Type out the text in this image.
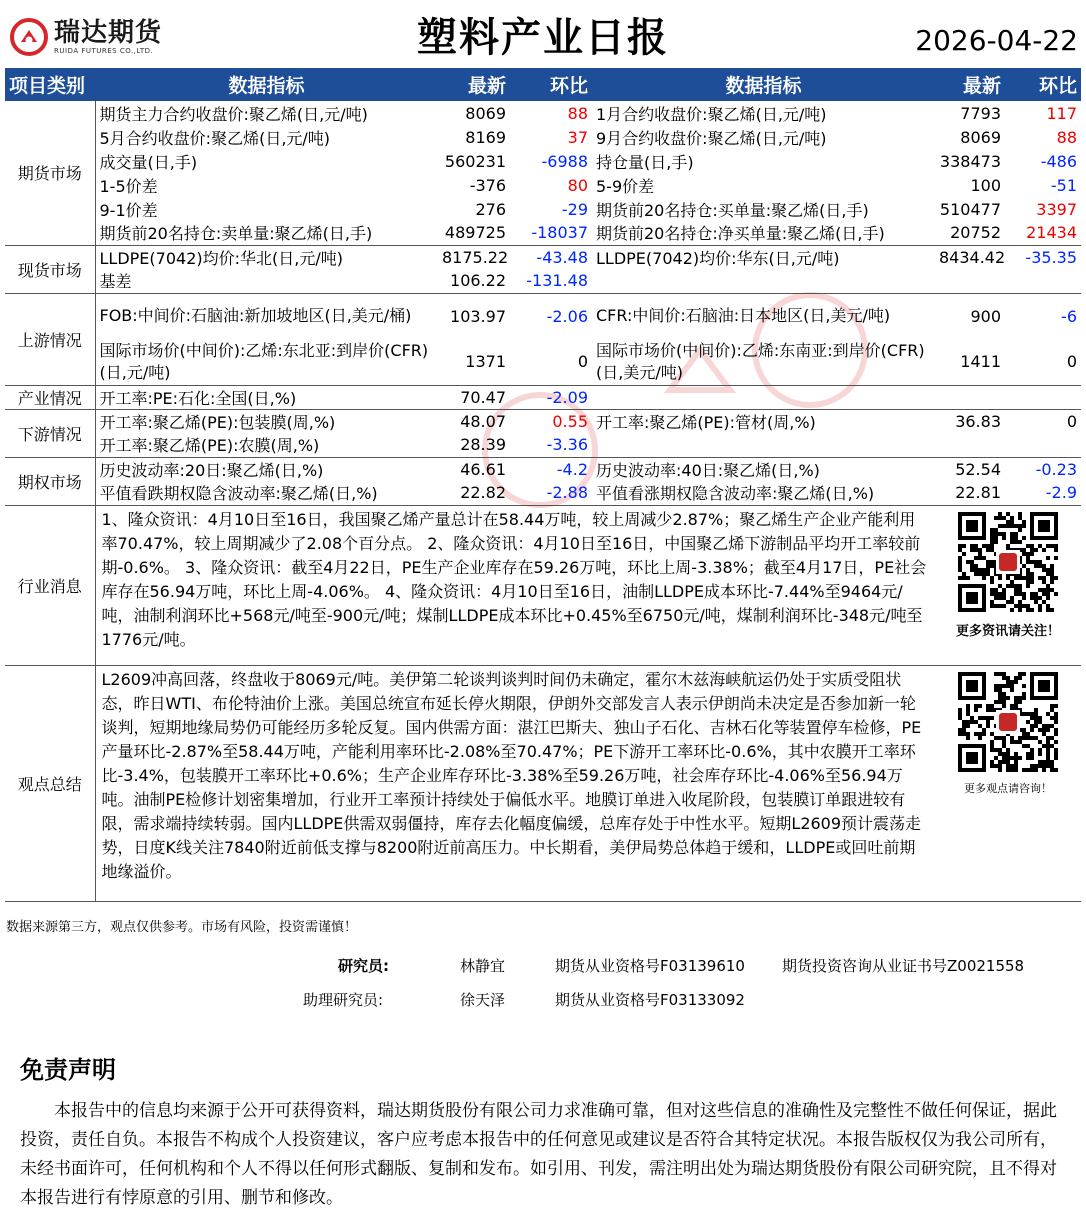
瑞达期货
RUIDA FUTURES CO.,LTD.	塑料产业日报	2026-04-22
项目类别	数据指标	最新	环比	数据指标	最新	环比
期货市场	期货主力合约收盘价:聚乙烯(日,元/吨)	8069	88	1月合约收盘价:聚乙烯(日,元/吨)	7793	117
	5月合约收盘价:聚乙烯(日,元/吨)	8169	37	9月合约收盘价:聚乙烯(日,元/吨)	8069	88
	成交量(日,手)	560231	-6988	持仓量(日,手)	338473	-486
	1-5价差	-376	80	5-9价差	100	-51
	9-1价差	276	-29	期货前20名持仓:买单量:聚乙烯(日,手)	510477	3397
	期货前20名持仓:卖单量:聚乙烯(日,手)	489725	-18037	期货前20名持仓:净买单量:聚乙烯(日,手)	20752	21434
现货市场	LLDPE(7042)均价:华北(日,元/吨)	8175.22	-43.48	LLDPE(7042)均价:华东(日,元/吨)	8434.42	-35.35
	基差	106.22	-131.48			
上游情况	FOB:中间价:石脑油:新加坡地区(日,美元/桶)	103.97	-2.06	CFR:中间价:石脑油:日本地区(日,美元/吨)	900	-6
	国际市场价(中间价):乙烯:东北亚:到岸价(CFR)(日,元/吨)	1371	0	国际市场价(中间价):乙烯:东南亚:到岸价(CFR)(日,美元/吨)	1411	0
产业情况	开工率:PE:石化:全国(日,%)	70.47	-2.09			
下游情况	开工率:聚乙烯(PE):包装膜(周,%)	48.07	0.55	开工率:聚乙烯(PE):管材(周,%)	36.83	0
	开工率:聚乙烯(PE):农膜(周,%)	28.39	-3.36			
期权市场	历史波动率:20日:聚乙烯(日,%)	46.61	-4.2	历史波动率:40日:聚乙烯(日,%)	52.54	-0.23
	平值看跌期权隐含波动率:聚乙烯(日,%)	22.82	-2.88	平值看涨期权隐含波动率:聚乙烯(日,%)	22.81	-2.9
行业消息	1、隆众资讯：4月10日至16日，我国聚乙烯产量总计在58.44万吨，较上周减少2.87%；聚乙烯生产企业产能利用率70.47%，较上周期减少了2.08个百分点。 2、隆众资讯：4月10日至16日，中国聚乙烯下游制品平均开工率较前期-0.6%。 3、隆众资讯：截至4月22日，PE生产企业库存在59.26万吨，环比上周-3.38%；截至4月17日，PE社会库存在56.94万吨，环比上周-4.06%。 4、隆众资讯：4月10日至16日，油制LLDPE成本环比-7.44%至9464元/吨，油制利润环比+568元/吨至-900元/吨；煤制LLDPE成本环比+0.45%至6750元/吨，煤制利润环比-348元/吨至1776元/吨。				更多资讯请关注！	

观点总结	L2609冲高回落，终盘收于8069元/吨。美伊第二轮谈判谈判时间仍未确定，霍尔木兹海峡航运仍处于实质受阻状态，昨日WTI、布伦特油价上涨。美国总统宣布延长停火期限，伊朗外交部发言人表示伊朗尚未决定是否参加新一轮谈判，短期地缘局势仍可能经历多轮反复。国内供需方面：湛江巴斯夫、独山子石化、吉林石化等装置停车检修，PE产量环比-2.87%至58.44万吨，产能利用率环比-2.08%至70.47%；PE下游开工率环比-0.6%，其中农膜开工率环比-3.4%，包装膜开工率环比+0.6%；生产企业库存环比-3.38%至59.26万吨，社会库存环比-4.06%至56.94万吨。油制PE检修计划密集增加，行业开工率预计持续处于偏低水平。地膜订单进入收尾阶段，包装膜订单跟进较有限，需求端持续转弱。国内LLDPE供需双弱僵持，库存去化幅度偏缓，总库存处于中性水平。短期L2609预计震荡走势，日度K线关注7840附近前低支撑与8200附近前高压力。中长期看，美伊局势总体趋于缓和，LLDPE或回吐前期地缘溢价。				更多观点请咨询！	
数据来源第三方，观点仅供参考。市场有风险，投资需谨慎！
研究员:	林静宜	期货从业资格号F03139610 期货投资咨询从业证书号Z0021558
助理研究员:	徐天泽	期货从业资格号F03133092
免责声明
本报告中的信息均来源于公开可获得资料，瑞达期货股份有限公司力求准确可靠，但对这些信息的准确性及完整性不做任何保证，据此投资，责任自负。本报告不构成个人投资建议，客户应考虑本报告中的任何意见或建议是否符合其特定状况。本报告版权仅为我公司所有，未经书面许可，任何机构和个人不得以任何形式翻版、复制和发布。如引用、刊发，需注明出处为瑞达期货股份有限公司研究院，且不得对本报告进行有悖原意的引用、删节和修改。
